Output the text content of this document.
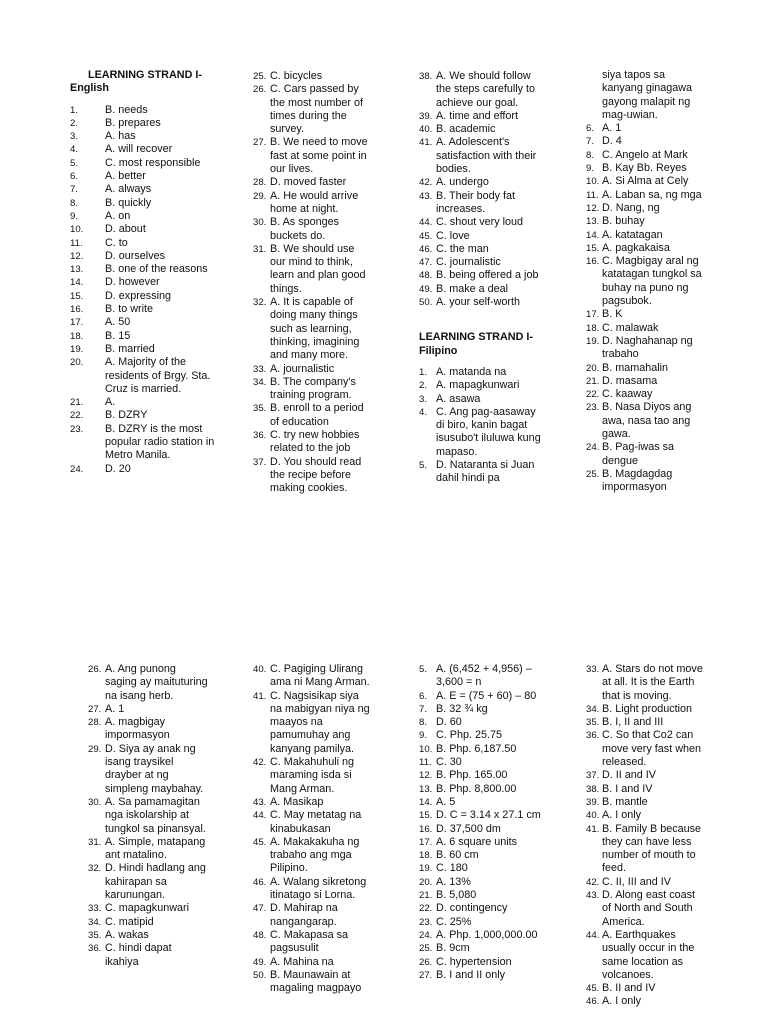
LEARNING STRAND I-
English
1.	B. needs
2.	B. prepares
3.	A. has
4.	A. will recover
5.	C. most responsible
6.	A. better
7.	A. always
8.	B. quickly
9.	A. on
10.	D. about
11.	C. to
12.	D. ourselves
13.	B. one of the reasons
14.	D. however
15.	D. expressing
16.	B. to write
17.	A. 50
18.	B. 15
19.	B. married
20.	A. Majority of the residents of Brgy. Sta. Cruz is married.
21.	A.
22.	B. DZRY
23.	B. DZRY is the most popular radio station in Metro Manila.
24.	D. 20
25. C. bicycles
26. C. Cars passed by the most number of times during the survey.
27. B. We need to move fast at some point in our lives.
28. D. moved faster
29. A. He would arrive home at night.
30. B. As sponges buckets do.
31. B. We should use our mind to think, learn and plan good things.
32. A. It is capable of doing many things such as learning, thinking, imagining and many more.
33. A. journalistic
34. B. The company's training program.
35. B. enroll to a period of education
36. C. try new hobbies related to the job
37. D. You should read the recipe before making cookies.
38. A. We should follow the steps carefully to achieve our goal.
39. A. time and effort
40. B. academic
41. A. Adolescent's satisfaction with their bodies.
42. A. undergo
43. B. Their body fat increases.
44. C. shout very loud
45. C. love
46. C. the man
47. C. journalistic
48. B. being offered a job
49. B. make a deal
50. A. your self-worth
LEARNING STRAND I-
Filipino
1. A. matanda na
2. A. mapagkunwari
3. A. asawa
4. C. Ang pag-aasaway di biro, kanin bagat isusubo't iluluwa kung mapaso.
5. D. Nataranta si Juan dahil hindi pa
siya tapos sa kanyang ginagawa gayong malapit ng mag-uwian.
6. A. 1
7. D. 4
8. C. Angelo at Mark
9. B. Kay Bb. Reyes
10. A. Si Alma at Cely
11. A. Laban sa, ng mga
12. D. Nang, ng
13. B. buhay
14. A. katatagan
15. A. pagkakaisa
16. C. Magbigay aral ng katatagan tungkol sa buhay na puno ng pagsubok.
17. B. K
18. C. malawak
19. D. Naghahanap ng trabaho
20. B. mamahalin
21. D. masama
22. C. kaaway
23. B. Nasa Diyos ang awa, nasa tao ang gawa.
24. B. Pag-iwas sa dengue
25. B. Magdagdag impormasyon
26. A. Ang punong saging ay maituturing na isang herb.
27. A. 1
28. A. magbigay impormasyon
29. D. Siya ay anak ng isang traysikel drayber at ng simpleng maybahay.
30. A. Sa pamamagitan nga iskolarship at tungkol sa pinansyal.
31. A. Simple, matapang ant matalino.
32. D. Hindi hadlang ang kahirapan sa karunungan.
33. C. mapagkunwari
34. C. matipid
35. A. wakas
36. C. hindi dapat ikahiya
40. C. Pagiging Ulirang ama ni Mang Arman.
41. C. Nagsisikap siya na mabigyan niya ng maayos na pamumuhay ang kanyang pamilya.
42. C. Makahuhuli ng maraming isda si Mang Arman.
43. A. Masikap
44. C. May metatag na kinabukasan
45. A. Makakakuha ng trabaho ang mga Pilipino.
46. A. Walang sikretong itinatago si Lorna.
47. D. Mahirap na nangangarap.
48. C. Makapasa sa pagsusulit
49. A. Mahina na
50. B. Maunawain at magaling magpayo
5. A. (6,452 + 4,956) – 3,600 = n
6. A. E = (75 + 60) – 80
7. B. 32 ¾ kg
8. D. 60
9. C. Php. 25.75
10. B. Php. 6,187.50
11. C. 30
12. B. Php. 165.00
13. B. Php. 8,800.00
14. A. 5
15. D. C = 3.14 x 27.1 cm
16. D. 37,500 dm
17. A. 6 square units
18. B. 60 cm
19. C. 180
20. A. 13%
21. B. 5,080
22. D. contingency
23. C. 25%
24. A. Php. 1,000,000.00
25. B. 9cm
26. C. hypertension
27. B. I and II only
33. A. Stars do not move at all. It is the Earth that is moving.
34. B. Light production
35. B. I, II and III
36. C. So that Co2 can move very fast when released.
37. D. II and IV
38. B. I and IV
39. B. mantle
40. A. I only
41. B. Family B because they can have less number of mouth to feed.
42. C. II, III and IV
43. D. Along east coast of North and South America.
44. A. Earthquakes usually occur in the same location as volcanoes.
45. B. II and IV
46. A. I only
